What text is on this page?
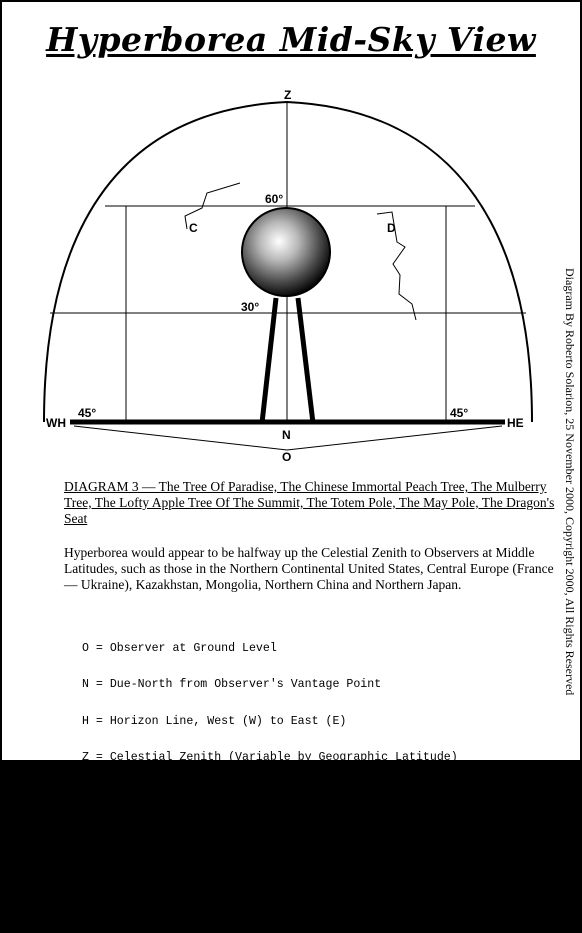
Hyperborea Mid-Sky View
Z
60°
30°
C	D
WH	HE
45°	45°
N
O

DIAGRAM 3 — The Tree Of Paradise, The Chinese Immortal Peach Tree, The Mulberry Tree, The Lofty Apple Tree Of The Summit, The Totem Pole, The May Pole, The Dragon's Seat

Hyperborea would appear to be halfway up the Celestial Zenith to Observers at Middle Latitudes, such as those in the Northern Continental United States, Central Europe (France — Ukraine), Kazakhstan, Mongolia, Northern China and Northern Japan.

O = Observer at Ground Level

N = Due-North from Observer's Vantage Point

H = Horizon Line, West (W) to East (E)

Z = Celestial Zenith (Variable by Geographic Latitude)

C = Constellation of Cassiopeia

D = Constellation of Ursa Major or Big Dipper

Angle WH-O-HE = 90-120° = O's Horizon Ground-Level View

Arc WH-Z-HE = O's Ground-Level View of the Northern Sky

Diagram By Roberto Solarion, 25 November 2000, Copyright 2000, All Rights Reserved
